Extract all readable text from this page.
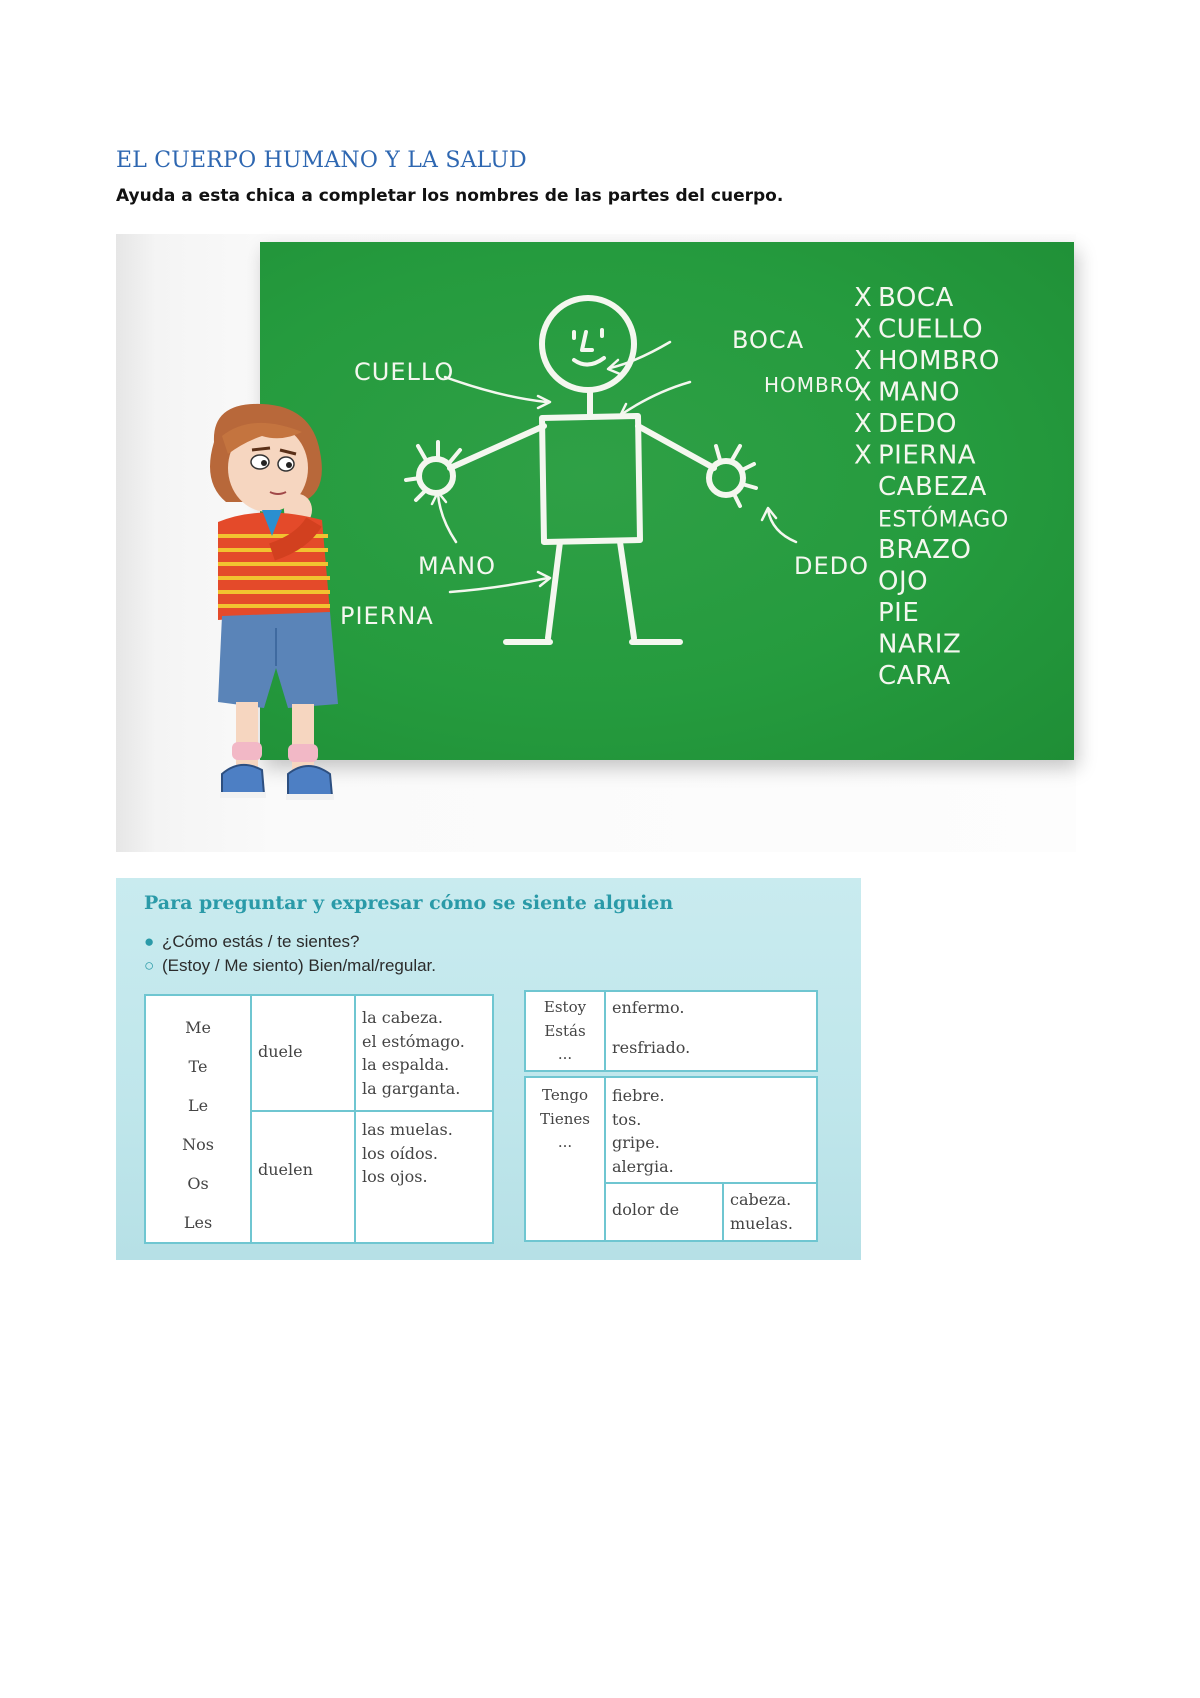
EL CUERPO HUMANO Y LA SALUD

Ayuda a esta chica a completar los nombres de las partes del cuerpo.

BOCA
CUELLO	HOMBRO
MANO	DEDO
PIERNA
X BOCA
X CUELLO
X HOMBRO
X MANO
X DEDO
X PIERNA
CABEZA
ESTÓMAGO
BRAZO
OJO
PIE
NARIZ
CARA
Para preguntar y expresar cómo se siente alguien
● ¿Cómo estás / te sientes?
○ (Estoy / Me siento) Bien/mal/regular.
Me
Te
Le
Nos
Os
Les
duele
la cabeza.
el estómago.
la espalda.
la garganta.
duelen
las muelas.
los oídos.
los ojos.
Estoy
Estás
...
enfermo.
resfriado.
Tengo
Tienes
...
fiebre.
tos.
gripe.
alergia.
dolor de
cabeza.
muelas.
